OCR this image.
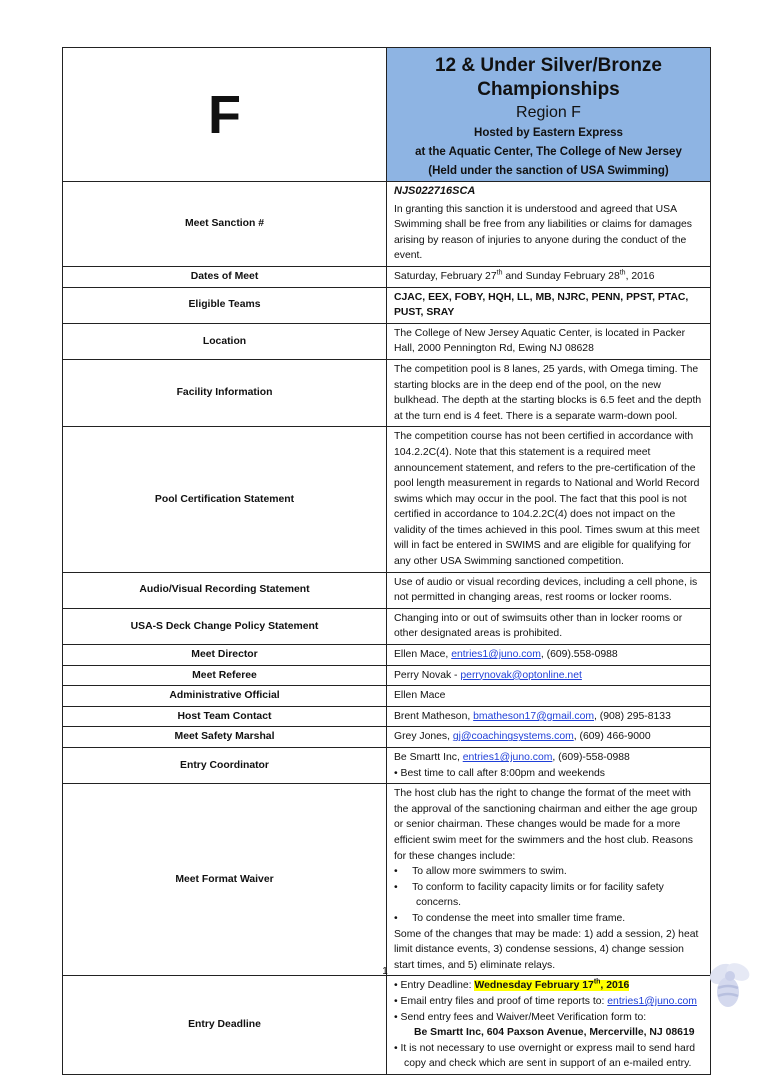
F	12 & Under Silver/Bronze Championships
Region F
Hosted by Eastern Express
at the Aquatic Center, The College of New Jersey
(Held under the sanction of USA Swimming)

Meet Sanction #	NJS022716SCA
In granting this sanction it is understood and agreed that USA Swimming shall be free from any liabilities or claims for damages arising by reason of injuries to anyone during the conduct of the event.

Dates of Meet	Saturday, February 27th and Sunday February 28th, 2016
Eligible Teams	CJAC, EEX, FOBY, HQH, LL, MB, NJRC, PENN, PPST, PTAC, PUST, SRAY
Location	The College of New Jersey Aquatic Center, is located in Packer Hall, 2000 Pennington Rd, Ewing NJ 08628
Facility Information	The competition pool is 8 lanes, 25 yards, with Omega timing. The starting blocks are in the deep end of the pool, on the new bulkhead. The depth at the starting blocks is 6.5 feet and the depth at the turn end is 4 feet. There is a separate warm-down pool.
Pool Certification Statement	The competition course has not been certified in accordance with 104.2.2C(4). Note that this statement is a required meet announcement statement, and refers to the pre-certification of the pool length measurement in regards to National and World Record swims which may occur in the pool. The fact that this pool is not certified in accordance to 104.2.2C(4) does not impact on the validity of the times achieved in this pool. Times swum at this meet will in fact be entered in SWIMS and are eligible for qualifying for any other USA Swimming sanctioned competition.
Audio/Visual Recording Statement	Use of audio or visual recording devices, including a cell phone, is not permitted in changing areas, rest rooms or locker rooms.
USA-S Deck Change Policy Statement	Changing into or out of swimsuits other than in locker rooms or other designated areas is prohibited.
Meet Director	Ellen Mace, entries1@juno.com, (609).558-0988
Meet Referee	Perry Novak - perrynovak@optonline.net
Administrative Official	Ellen Mace
Host Team Contact	Brent Matheson, bmatheson17@gmail.com, (908) 295-8133
Meet Safety Marshal	Grey Jones, gj@coachingsystems.com, (609) 466-9000
Entry Coordinator	Be Smartt Inc, entries1@juno.com, (609)-558-0988
• Best time to call after 8:00pm and weekends

Meet Format Waiver	The host club has the right to change the format of the meet with the approval of the sanctioning chairman and either the age group or senior chairman. These changes would be made for a more efficient swim meet for the swimmers and the host club. Reasons for these changes include:
•     To allow more swimmers to swim.
•     To conform to facility capacity limits or for facility safety concerns.
•     To condense the meet into smaller time frame.
Some of the changes that may be made: 1) add a session, 2) heat limit distance events, 3) condense sessions, 4) change session start times, and 5) eliminate relays.

Entry Deadline	• Entry Deadline: Wednesday February 17th, 2016
• Email entry files and proof of time reports to: entries1@juno.com
• Send entry fees and Waiver/Meet Verification form to:
Be Smartt Inc, 604 Paxson Avenue, Mercerville, NJ 08619
• It is not necessary to use overnight or express mail to send hard copy and check which are sent in support of an e-mailed entry.
1
